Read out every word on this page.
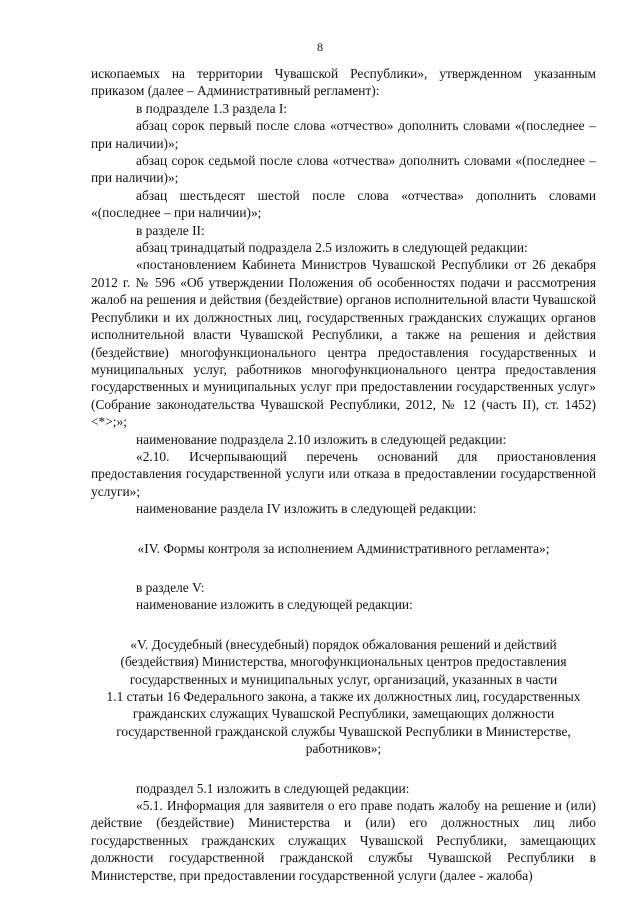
8

ископаемых на территории Чувашской Республики», утвержденном указанным приказом (далее – Административный регламент):

в подразделе 1.3 раздела I:

абзац сорок первый после слова «отчество» дополнить словами «(последнее – при наличии)»;

абзац сорок седьмой после слова «отчества» дополнить словами «(последнее – при наличии)»;

абзац шестьдесят шестой после слова «отчества» дополнить словами «(последнее – при наличии)»;

в разделе II:

абзац тринадцатый подраздела 2.5 изложить в следующей редакции:

«постановлением Кабинета Министров Чувашской Республики от 26 декабря 2012 г. № 596 «Об утверждении Положения об особенностях подачи и рассмотрения жалоб на решения и действия (бездействие) органов исполнительной власти Чувашской Республики и их должностных лиц, государственных гражданских служащих органов исполнительной власти Чувашской Республики, а также на решения и действия (бездействие) многофункционального центра предоставления государственных и муниципальных услуг, работников многофункционального центра предоставления государственных и муниципальных услуг при предоставлении государственных услуг» (Собрание законодательства Чувашской Республики, 2012, № 12 (часть II), ст. 1452) <*>;»;

наименование подраздела 2.10 изложить в следующей редакции:

«2.10. Исчерпывающий перечень оснований для приостановления предоставления государственной услуги или отказа в предоставлении государственной услуги»;

наименование раздела IV изложить в следующей редакции:

«IV. Формы контроля за исполнением Административного регламента»;

в разделе V:

наименование изложить в следующей редакции:

«V. Досудебный (внесудебный) порядок обжалования решений и действий

(бездействия) Министерства, многофункциональных центров предоставления

государственных и муниципальных услуг, организаций, указанных в части

1.1 статьи 16 Федерального закона, а также их должностных лиц, государственных

гражданских служащих Чувашской Республики, замещающих должности

государственной гражданской службы Чувашской Республики в Министерстве,

работников»;

подраздел 5.1 изложить в следующей редакции:

«5.1. Информация для заявителя о его праве подать жалобу на решение и (или) действие (бездействие) Министерства и (или) его должностных лиц либо государственных гражданских служащих Чувашской Республики, замещающих должности государственной гражданской службы Чувашской Республики в Министерстве, при предоставлении государственной услуги (далее - жалоба)
